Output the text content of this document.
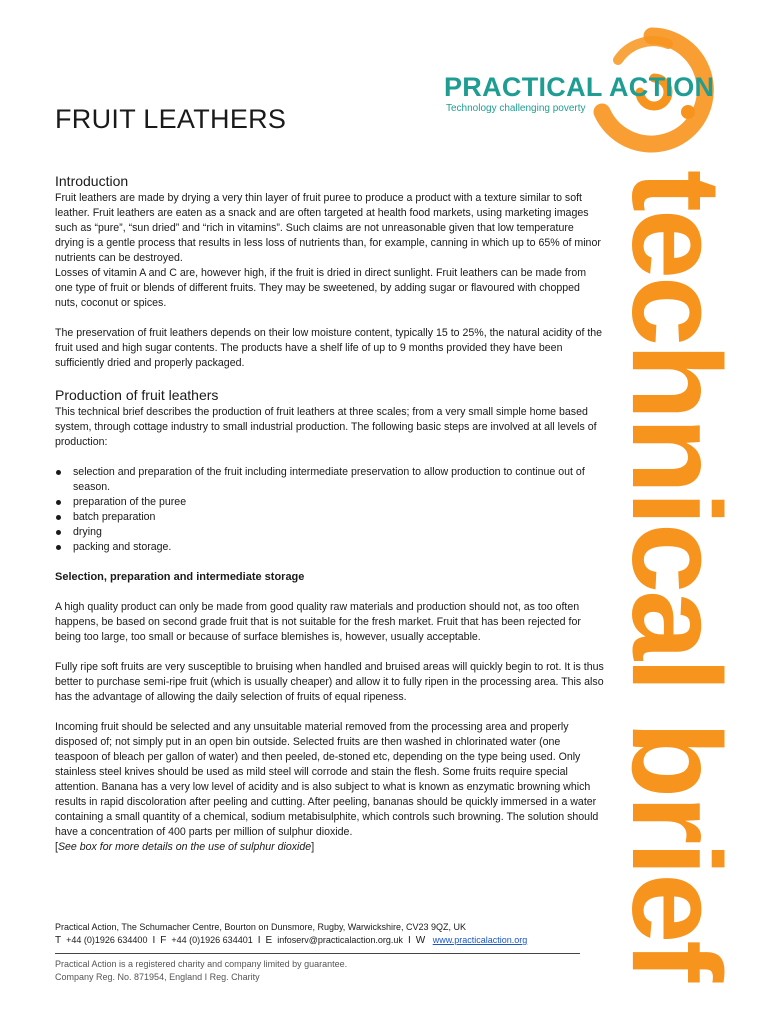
PRACTICAL ACTION
Technology challenging poverty
technical brief
FRUIT LEATHERS
Introduction

Fruit leathers are made by drying a very thin layer of fruit puree to produce a product with a texture similar to soft leather. Fruit leathers are eaten as a snack and are often targeted at health food markets, using marketing images such as “pure”, “sun dried” and “rich in vitamins”. Such claims are not unreasonable given that low temperature drying is a gentle process that results in less loss of nutrients than, for example, canning in which up to 65% of minor nutrients can be destroyed.

Losses of vitamin A and C are, however high, if the fruit is dried in direct sunlight. Fruit leathers can be made from one type of fruit or blends of different fruits. They may be sweetened, by adding sugar or flavoured with chopped nuts, coconut or spices.

The preservation of fruit leathers depends on their low moisture content, typically 15 to 25%, the natural acidity of the fruit used and high sugar contents. The products have a shelf life of up to 9 months provided they have been sufficiently dried and properly packaged.

Production of fruit leathers

This technical brief describes the production of fruit leathers at three scales; from a very small simple home based system, through cottage industry to small industrial production. The following basic steps are involved at all levels of production:

selection and preparation of the fruit including intermediate preservation to allow production to continue out of season.
preparation of the puree
batch preparation
drying
packing and storage.
Selection, preparation and intermediate storage

A high quality product can only be made from good quality raw materials and production should not, as too often happens, be based on second grade fruit that is not suitable for the fresh market. Fruit that has been rejected for being too large, too small or because of surface blemishes is, however, usually acceptable.

Fully ripe soft fruits are very susceptible to bruising when handled and bruised areas will quickly begin to rot. It is thus better to purchase semi-ripe fruit (which is usually cheaper) and allow it to fully ripen in the processing area. This also has the advantage of allowing the daily selection of fruits of equal ripeness.

Incoming fruit should be selected and any unsuitable material removed from the processing area and properly disposed of; not simply put in an open bin outside. Selected fruits are then washed in chlorinated water (one teaspoon of bleach per gallon of water) and then peeled, de-stoned etc, depending on the type being used. Only stainless steel knives should be used as mild steel will corrode and stain the flesh. Some fruits require special attention. Banana has a very low level of acidity and is also subject to what is known as enzymatic browning which results in rapid discoloration after peeling and cutting. After peeling, bananas should be quickly immersed in a water containing a small quantity of a chemical, sodium metabisulphite, which controls such browning. The solution should have a concentration of 400 parts per million of sulphur dioxide.

[See box for more details on the use of sulphur dioxide]

Practical Action, The Schumacher Centre, Bourton on Dunsmore, Rugby, Warwickshire, CV23 9QZ, UK
T +44 (0)1926 634400 I F +44 (0)1926 634401 I E infoserv@practicalaction.org.uk I W www.practicalaction.org
Practical Action is a registered charity and company limited by guarantee.
Company Reg. No. 871954, England I Reg. Charity
